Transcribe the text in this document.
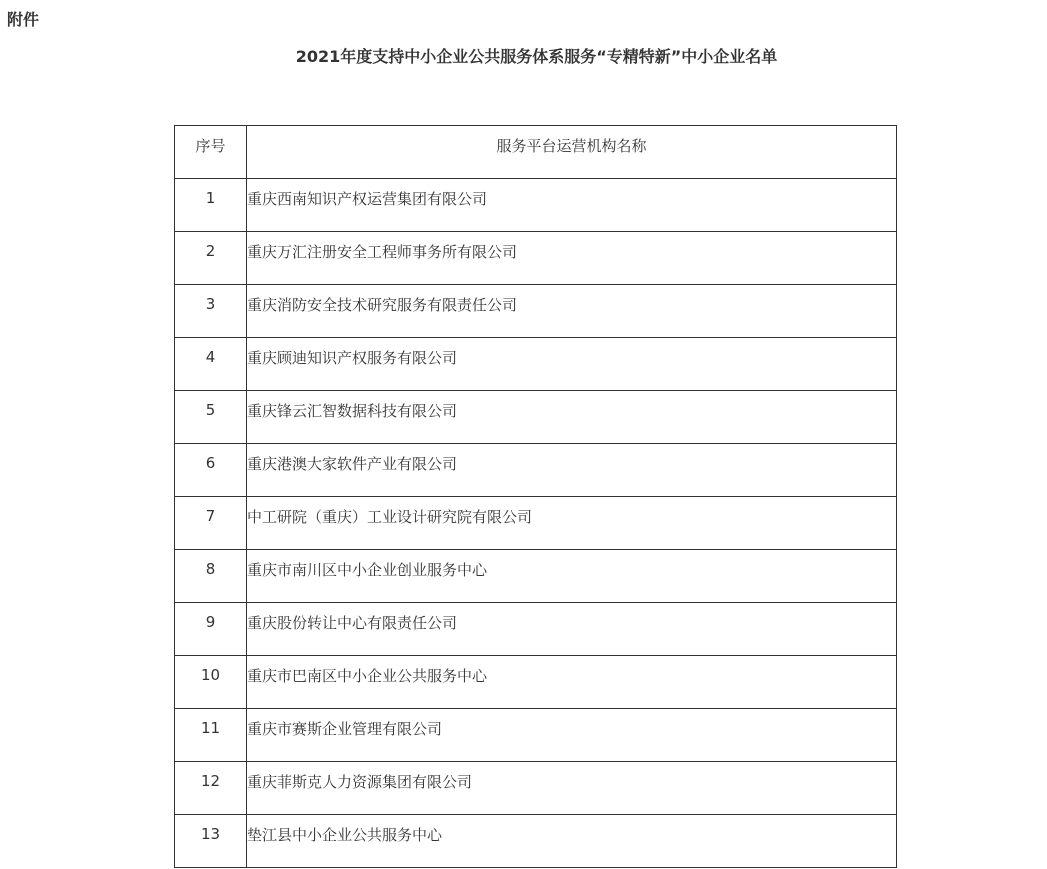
附件
2021年度支持中小企业公共服务体系服务“专精特新”中小企业名单
序号	服务平台运营机构名称
1	重庆西南知识产权运营集团有限公司
2	重庆万汇注册安全工程师事务所有限公司
3	重庆消防安全技术研究服务有限责任公司
4	重庆顾迪知识产权服务有限公司
5	重庆锋云汇智数据科技有限公司
6	重庆港澳大家软件产业有限公司
7	中工研院（重庆）工业设计研究院有限公司
8	重庆市南川区中小企业创业服务中心
9	重庆股份转让中心有限责任公司
10	重庆市巴南区中小企业公共服务中心
11	重庆市赛斯企业管理有限公司
12	重庆菲斯克人力资源集团有限公司
13	垫江县中小企业公共服务中心
